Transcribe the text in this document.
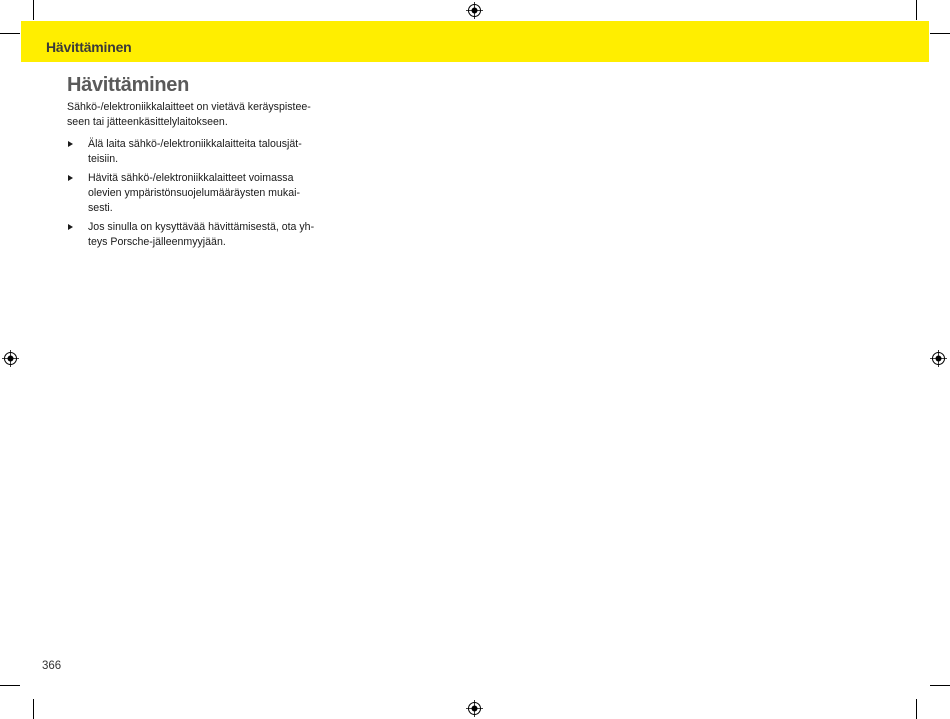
Hävittäminen
Hävittäminen

Sähkö-/elektroniikkalaitteet on vietävä keräyspistee-
seen tai jätteenkäsittelylaitokseen.

Älä laita sähkö-/elektroniikkalaitteita talousjät-
teisiin.
Hävitä sähkö-/elektroniikkalaitteet voimassa
olevien ympäristönsuojelumääräysten mukai-
sesti.
Jos sinulla on kysyttävää hävittämisestä, ota yh-
teys Porsche-jälleenmyyjään.
366
